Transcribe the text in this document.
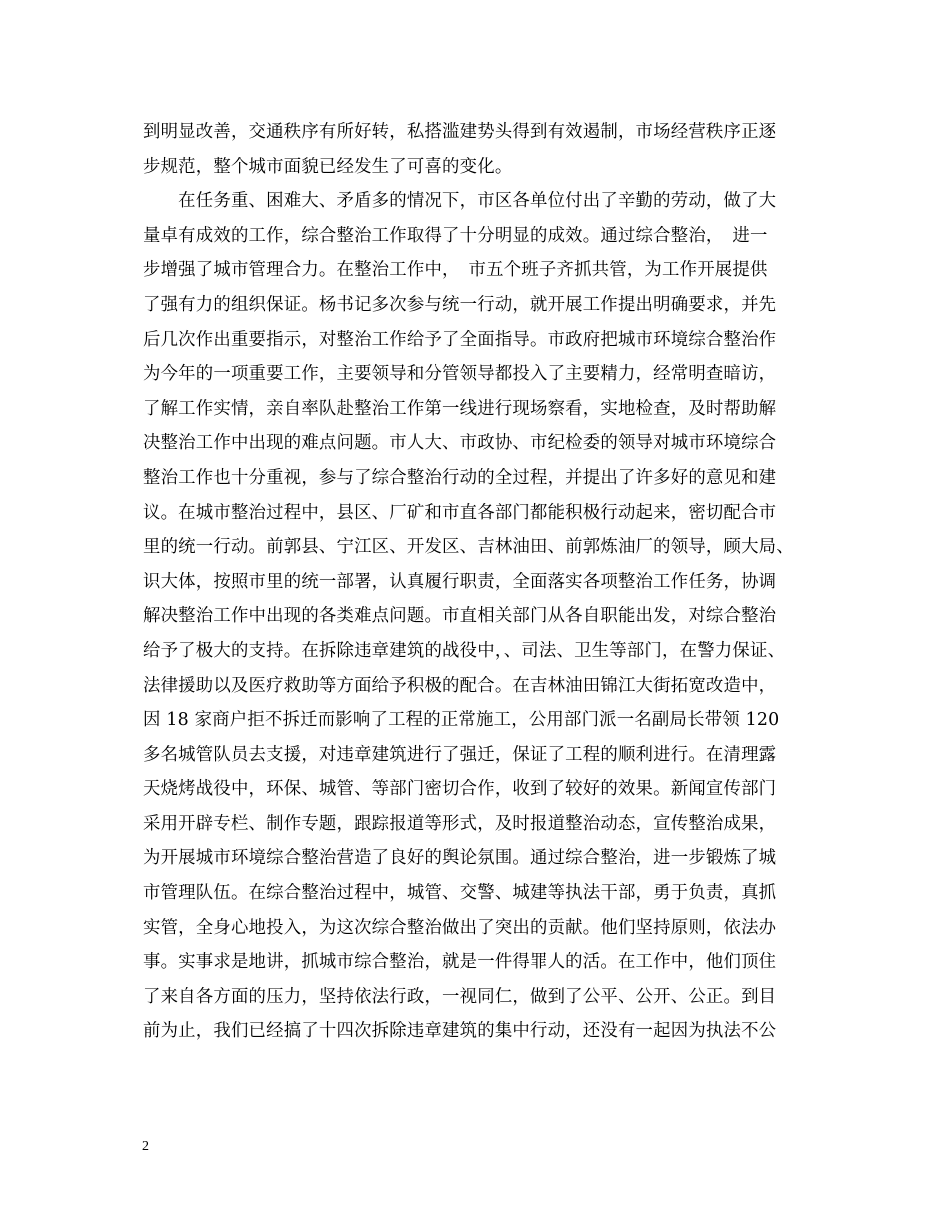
到明显改善，交通秩序有所好转，私搭滥建势头得到有效遏制，市场经营秩序正逐
步规范，整个城市面貌已经发生了可喜的变化。
　　在任务重、困难大、矛盾多的情况下，市区各单位付出了辛勤的劳动，做了大
量卓有成效的工作，综合整治工作取得了十分明显的成效。通过综合整治，　进一
步增强了城市管理合力。在整治工作中，　市五个班子齐抓共管，为工作开展提供
了强有力的组织保证。杨书记多次参与统一行动，就开展工作提出明确要求，并先
后几次作出重要指示，对整治工作给予了全面指导。市政府把城市环境综合整治作
为今年的一项重要工作，主要领导和分管领导都投入了主要精力，经常明查暗访，
了解工作实情，亲自率队赴整治工作第一线进行现场察看，实地检查，及时帮助解
决整治工作中出现的难点问题。市人大、市政协、市纪检委的领导对城市环境综合
整治工作也十分重视，参与了综合整治行动的全过程，并提出了许多好的意见和建
议。在城市整治过程中，县区、厂矿和市直各部门都能积极行动起来，密切配合市
里的统一行动。前郭县、宁江区、开发区、吉林油田、前郭炼油厂的领导，顾大局、
识大体，按照市里的统一部署，认真履行职责，全面落实各项整治工作任务，协调
解决整治工作中出现的各类难点问题。市直相关部门从各自职能出发，对综合整治
给予了极大的支持。在拆除违章建筑的战役中，、司法、卫生等部门，在警力保证、
法律援助以及医疗救助等方面给予积极的配合。在吉林油田锦江大街拓宽改造中，
因 18 家商户拒不拆迁而影响了工程的正常施工，公用部门派一名副局长带领 120
多名城管队员去支援，对违章建筑进行了强迁，保证了工程的顺利进行。在清理露
天烧烤战役中，环保、城管、等部门密切合作，收到了较好的效果。新闻宣传部门
采用开辟专栏、制作专题，跟踪报道等形式，及时报道整治动态，宣传整治成果，
为开展城市环境综合整治营造了良好的舆论氛围。通过综合整治，进一步锻炼了城
市管理队伍。在综合整治过程中，城管、交警、城建等执法干部，勇于负责，真抓
实管，全身心地投入，为这次综合整治做出了突出的贡献。他们坚持原则，依法办
事。实事求是地讲，抓城市综合整治，就是一件得罪人的活。在工作中，他们顶住
了来自各方面的压力，坚持依法行政，一视同仁，做到了公平、公开、公正。到目
前为止，我们已经搞了十四次拆除违章建筑的集中行动，还没有一起因为执法不公
2
